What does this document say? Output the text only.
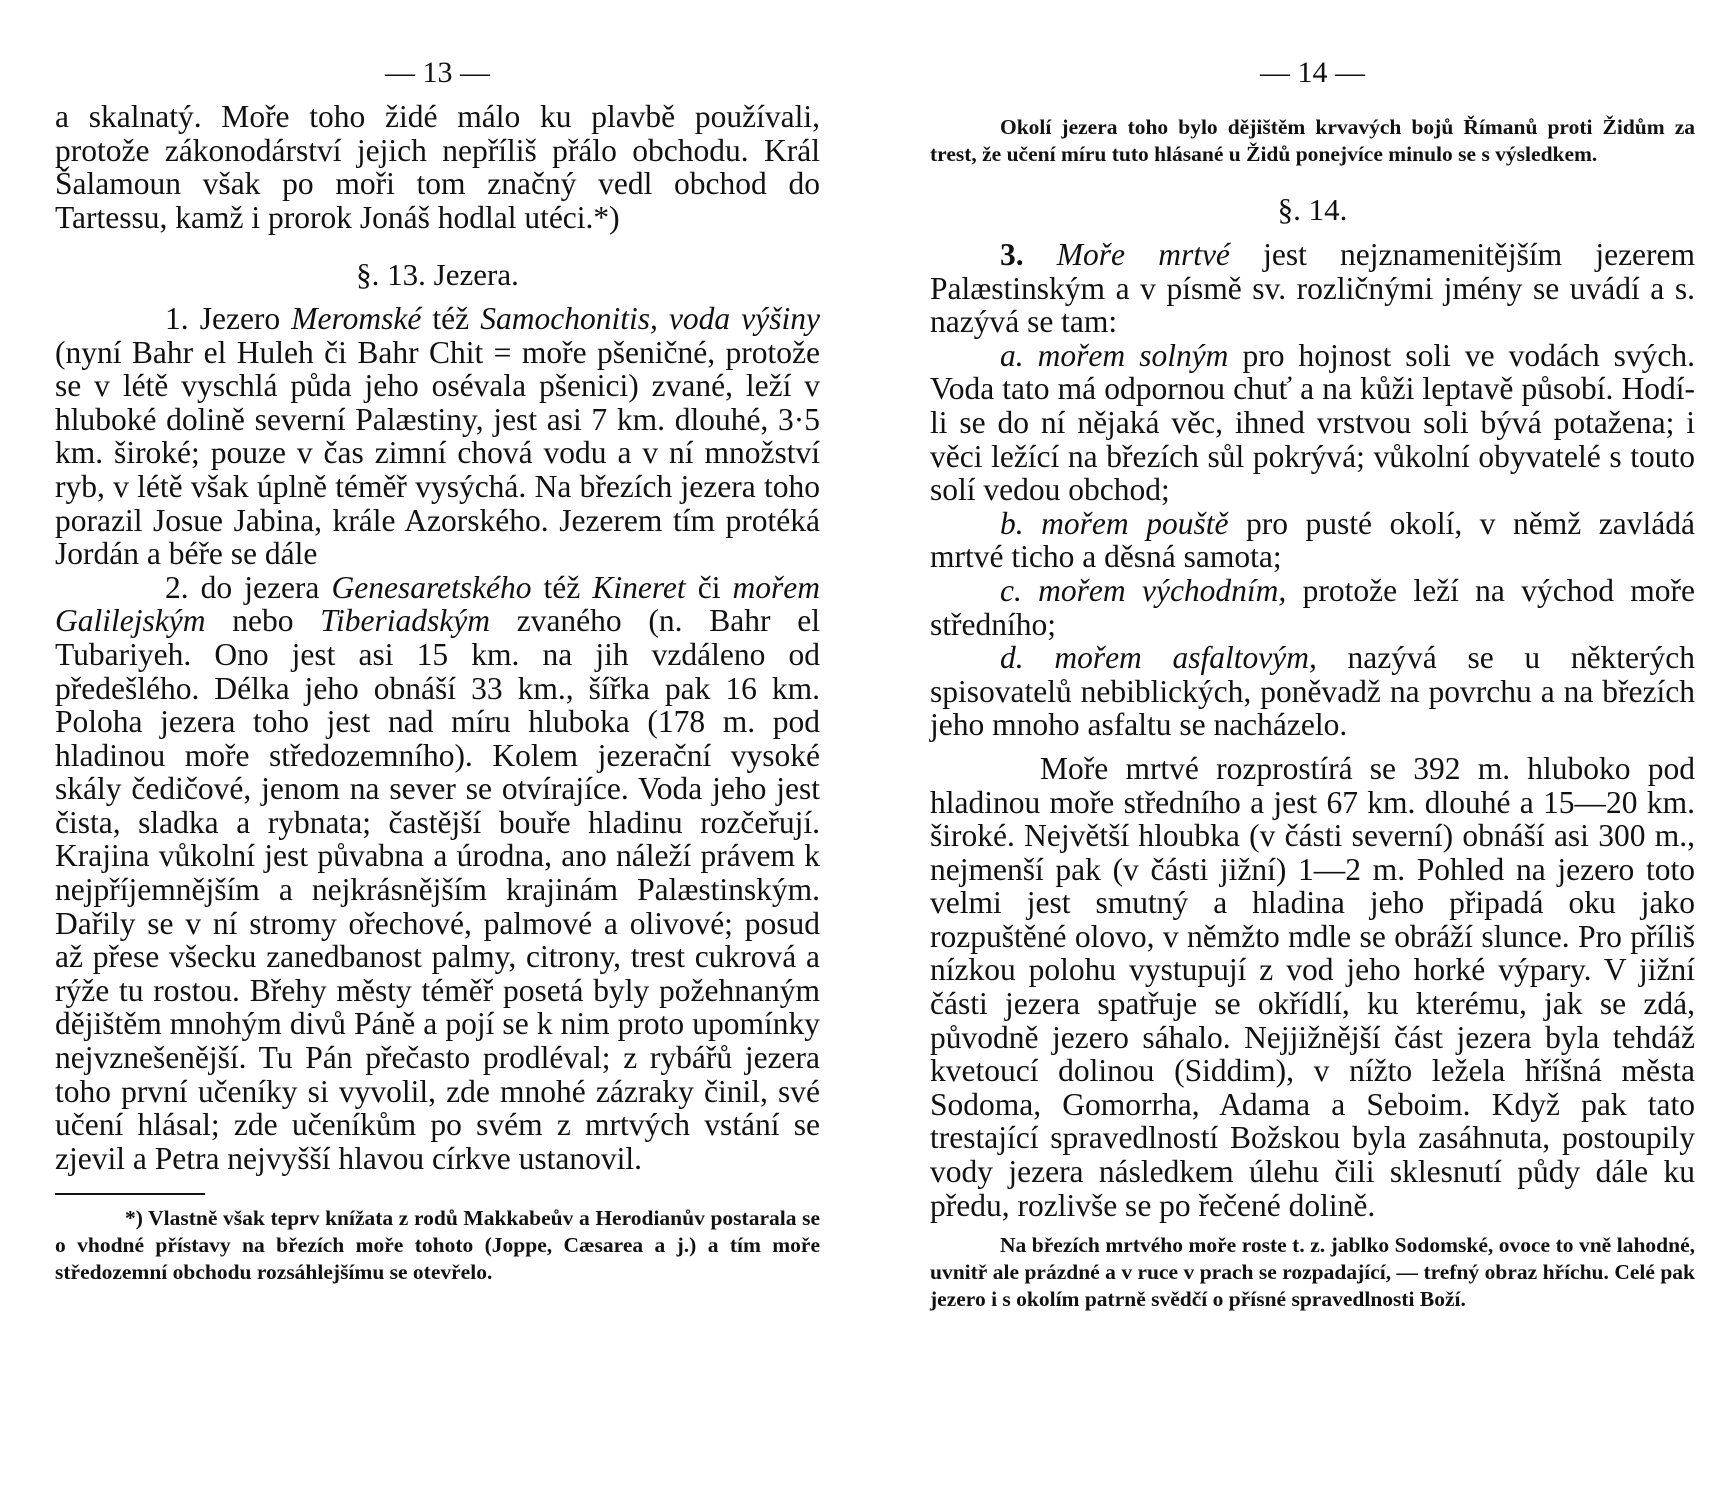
— 13 —

a skalnatý. Moře toho židé málo ku plavbě používali, protože zákonodárství jejich nepříliš přálo obchodu. Král Šalamoun však po moři tom značný vedl obchod do Tartessu, kamž i prorok Jonáš hodlal utéci.*)

§. 13. Jezera.

1. Jezero Meromské též Samochonitis, voda výšiny (nyní Bahr el Huleh či Bahr Chit = moře pšeničné, protože se v létě vyschlá půda jeho osévala pšenici) zvané, leží v hluboké dolině severní Palæstiny, jest asi 7 km. dlouhé, 3·5 km. široké; pouze v čas zimní chová vodu a v ní množství ryb, v létě však úplně téměř vysýchá. Na březích jezera toho porazil Josue Jabina, krále Azorského. Jezerem tím protéká Jordán a béře se dále

2. do jezera Genesaretského též Kineret či mořem Galilejským nebo Tiberiadským zvaného (n. Bahr el Tubariyeh. Ono jest asi 15 km. na jih vzdáleno od předešlého. Délka jeho obnáší 33 km., šířka pak 16 km. Poloha jezera toho jest nad míru hluboka (178 m. pod hladinou moře středozemního). Kolem jezerační vysoké skály čedičové, jenom na sever se otvírajíce. Voda jeho jest čista, sladka a rybnata; častější bouře hladinu rozčeřují. Krajina vůkolní jest půvabna a úrodna, ano náleží právem k nejpříjemnějším a nejkrásnějším krajinám Palæstinským. Dařily se v ní stromy ořechové, palmové a olivové; posud až přese všecku zanedbanost palmy, citrony, trest cukrová a rýže tu rostou. Břehy městy téměř posetá byly požehnaným dějištěm mnohým divů Páně a pojí se k nim proto upomínky nejvznešenější. Tu Pán přečasto prodléval; z rybářů jezera toho první učeníky si vyvolil, zde mnohé zázraky činil, své učení hlásal; zde učeníkům po svém z mrtvých vstání se zjevil a Petra nejvyšší hlavou církve ustanovil.

*) Vlastně však teprv knížata z rodů Makkabeův a Herodianův postarala se o vhodné přístavy na březích moře tohoto (Joppe, Cæsarea a j.) a tím moře středozemní obchodu rozsáhlejšímu se otevřelo.

— 14 —

Okolí jezera toho bylo dějištěm krvavých bojů Římanů proti Židům za trest, že učení míru tuto hlásané u Židů ponejvíce minulo se s výsledkem.

§. 14.

3. Moře mrtvé jest nejznamenitějším jezerem Palæstinským a v písmě sv. rozličnými jmény se uvádí a s. nazývá se tam:

a. mořem solným pro hojnost soli ve vodách svých. Voda tato má odpornou chuť a na kůži leptavě působí. Hodí-li se do ní nějaká věc, ihned vrstvou soli bývá potažena; i věci ležící na březích sůl pokrývá; vůkolní obyvatelé s touto solí vedou obchod;

b. mořem pouště pro pusté okolí, v němž zavládá mrtvé ticho a děsná samota;

c. mořem východním, protože leží na východ moře středního;

d. mořem asfaltovým, nazývá se u některých spisovatelů nebiblických, poněvadž na povrchu a na březích jeho mnoho asfaltu se nacházelo.

Moře mrtvé rozprostírá se 392 m. hluboko pod hladinou moře středního a jest 67 km. dlouhé a 15—20 km. široké. Největší hloubka (v části severní) obnáší asi 300 m., nejmenší pak (v části jižní) 1—2 m. Pohled na jezero toto velmi jest smutný a hladina jeho připadá oku jako rozpuštěné olovo, v němžto mdle se obráží slunce. Pro příliš nízkou polohu vystupují z vod jeho horké výpary. V jižní části jezera spatřuje se okřídlí, ku kterému, jak se zdá, původně jezero sáhalo. Nejjižnější část jezera byla tehdáž kvetoucí dolinou (Siddim), v nížto ležela hříšná města Sodoma, Gomorrha, Adama a Seboim. Když pak tato trestající spravedlností Božskou byla zasáhnuta, postoupily vody jezera následkem úlehu čili sklesnutí půdy dále ku předu, rozlivše se po řečené dolině.

Na březích mrtvého moře roste t. z. jablko Sodomské, ovoce to vně lahodné, uvnitř ale prázdné a v ruce v prach se rozpadající, — trefný obraz hříchu. Celé pak jezero i s okolím patrně svědčí o přísné spravedlnosti Boží.
